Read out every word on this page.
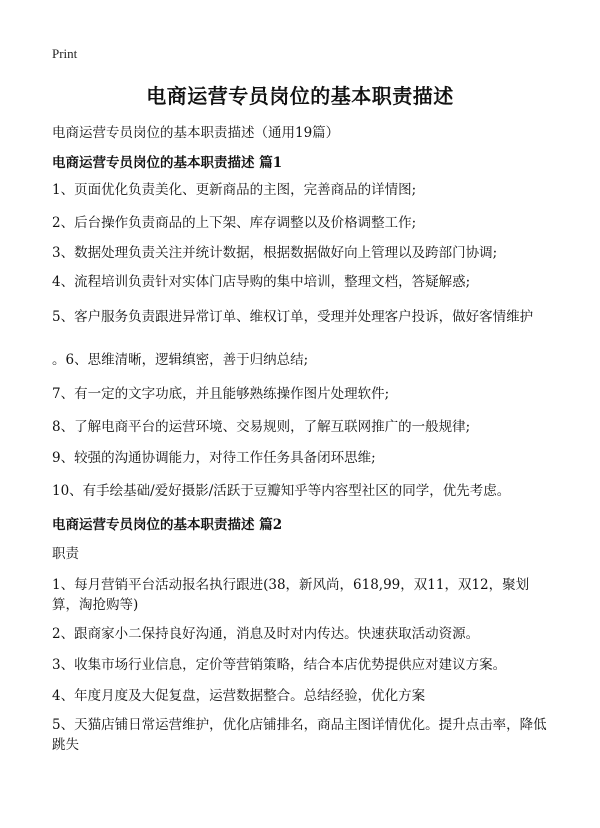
Print
电商运营专员岗位的基本职责描述
电商运营专员岗位的基本职责描述（通用19篇）
电商运营专员岗位的基本职责描述 篇1
1、页面优化负责美化、更新商品的主图，完善商品的详情图;
2、后台操作负责商品的上下架、库存调整以及价格调整工作;
3、数据处理负责关注并统计数据，根据数据做好向上管理以及跨部门协调;
4、流程培训负责针对实体门店导购的集中培训，整理文档，答疑解惑;
5、客户服务负责跟进异常订单、维权订单，受理并处理客户投诉，做好客情维护
。6、思维清晰，逻辑缜密，善于归纳总结;
7、有一定的文字功底，并且能够熟练操作图片处理软件;
8、了解电商平台的运营环境、交易规则，了解互联网推广的一般规律;
9、较强的沟通协调能力，对待工作任务具备闭环思维;
10、有手绘基础/爱好摄影/活跃于豆瓣知乎等内容型社区的同学，优先考虑。
电商运营专员岗位的基本职责描述 篇2
职责
1、每月营销平台活动报名执行跟进(38，新风尚，618,99，双11，双12，聚划算，淘抢购等)
2、跟商家小二保持良好沟通，消息及时对内传达。快速获取活动资源。
3、收集市场行业信息，定价等营销策略，结合本店优势提供应对建议方案。
4、年度月度及大促复盘，运营数据整合。总结经验，优化方案
5、天猫店铺日常运营维护，优化店铺排名，商品主图详情优化。提升点击率，降低跳失
